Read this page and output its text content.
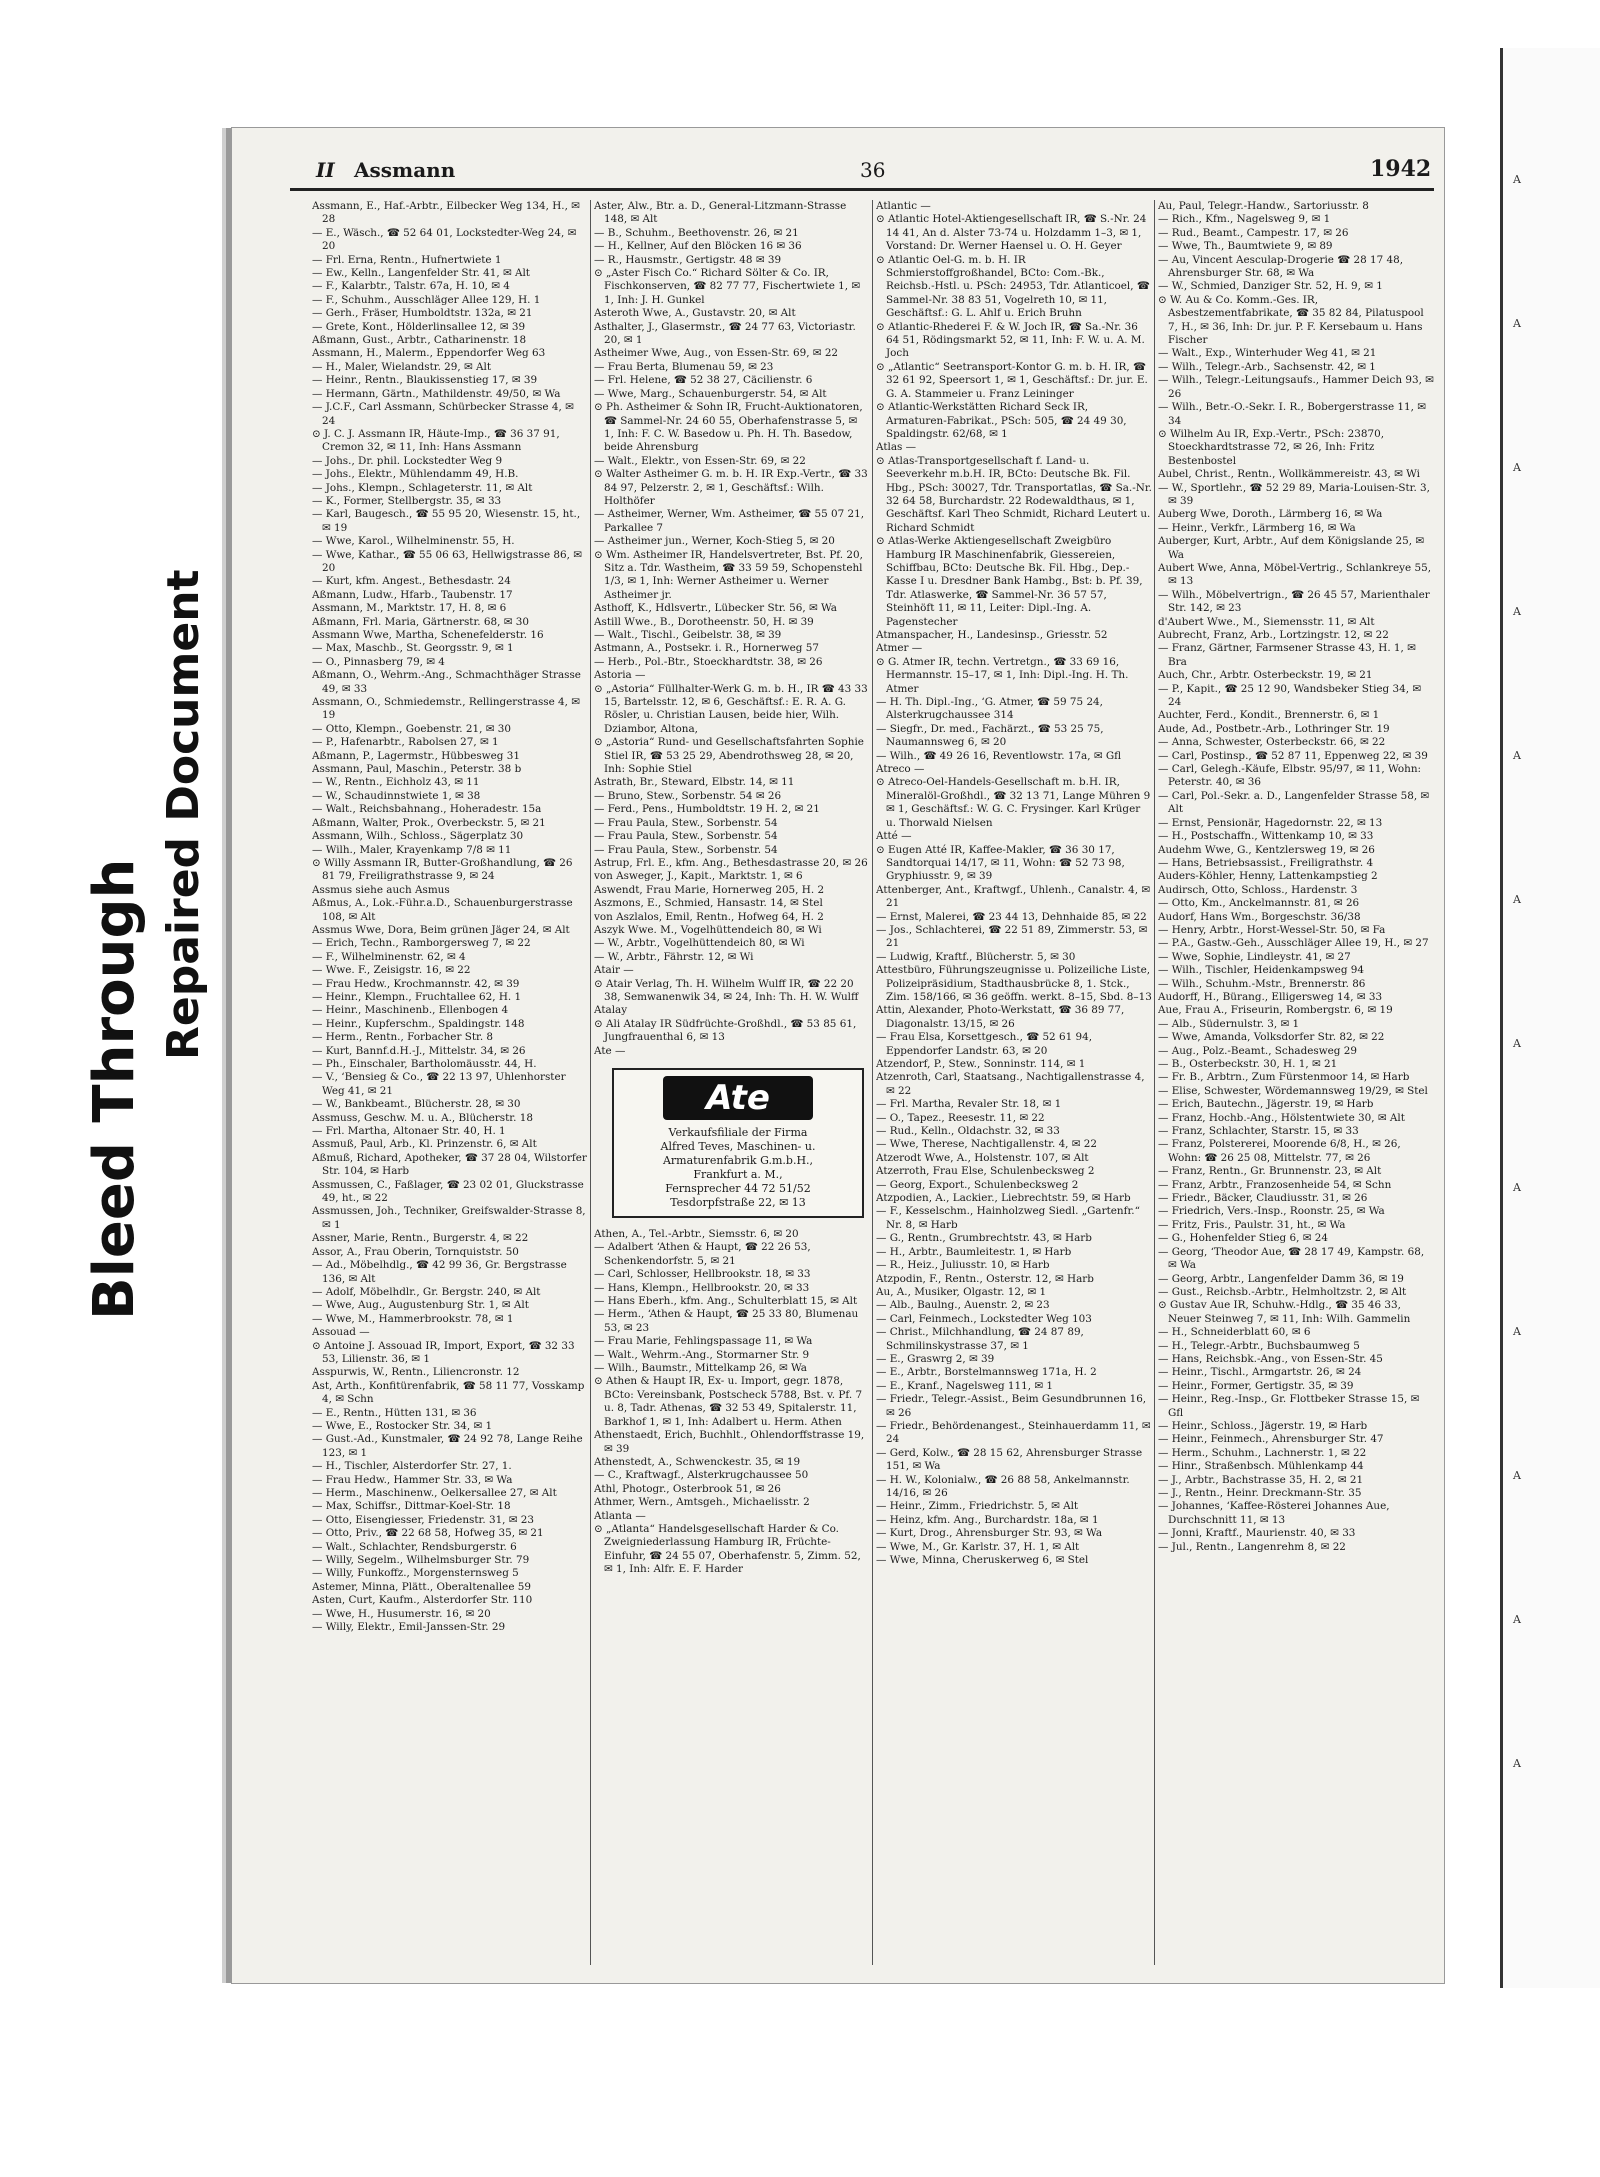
Bleed Through
Repaired Document
II Assmann	36	1942

Assmann, E., Haf.-Arbtr., Eilbecker Weg 134, H., ✉ 28

— E., Wäsch., ☎ 52 64 01, Lockstedter-Weg 24, ✉ 20

— Frl. Erna, Rentn., Hufnertwiete 1

— Ew., Kelln., Langenfelder Str. 41, ✉ Alt

— F., Kalarbtr., Talstr. 67a, H. 10, ✉ 4

— F., Schuhm., Ausschläger Allee 129, H. 1

— Gerh., Fräser, Humboldtstr. 132a, ✉ 21

— Grete, Kont., Hölderlinsallee 12, ✉ 39

Aßmann, Gust., Arbtr., Catharinenstr. 18

Assmann, H., Malerm., Eppendorfer Weg 63

— H., Maler, Wielandstr. 29, ✉ Alt

— Heinr., Rentn., Blaukissenstieg 17, ✉ 39

— Hermann, Gärtn., Mathildenstr. 49/50, ✉ Wa

— J.C.F., Carl Assmann, Schürbecker Strasse 4, ✉ 24

⊙ J. C. J. Assmann IR, Häute-Imp., ☎ 36 37 91, Cremon 32, ✉ 11, Inh: Hans Assmann

— Johs., Dr. phil. Lockstedter Weg 9

— Johs., Elektr., Mühlendamm 49, H.B.

— Johs., Klempn., Schlageterstr. 11, ✉ Alt

— K., Former, Stellbergstr. 35, ✉ 33

— Karl, Baugesch., ☎ 55 95 20, Wiesenstr. 15, ht., ✉ 19

— Wwe, Karol., Wilhelminenstr. 55, H.

— Wwe, Kathar., ☎ 55 06 63, Hellwigstrasse 86, ✉ 20

— Kurt, kfm. Angest., Bethesdastr. 24

Aßmann, Ludw., Hfarb., Taubenstr. 17

Assmann, M., Marktstr. 17, H. 8, ✉ 6

Aßmann, Frl. Maria, Gärtnerstr. 68, ✉ 30

Assmann Wwe, Martha, Schenefelderstr. 16

— Max, Maschb., St. Georgsstr. 9, ✉ 1

— O., Pinnasberg 79, ✉ 4

Aßmann, O., Wehrm.-Ang., Schmachthäger Strasse 49, ✉ 33

Assmann, O., Schmiedemstr., Rellingerstrasse 4, ✉ 19

— Otto, Klempn., Goebenstr. 21, ✉ 30

— P., Hafenarbtr., Rabolsen 27, ✉ 1

Aßmann, P., Lagermstr., Hübbesweg 31

Assmann, Paul, Maschin., Peterstr. 38 b

— W., Rentn., Eichholz 43, ✉ 11

— W., Schaudinnstwiete 1, ✉ 38

— Walt., Reichsbahnang., Hoheradestr. 15a

Aßmann, Walter, Prok., Overbeckstr. 5, ✉ 21

Assmann, Wilh., Schloss., Sägerplatz 30

— Wilh., Maler, Krayenkamp 7/8 ✉ 11

⊙ Willy Assmann IR, Butter-Großhandlung, ☎ 26 81 79, Freiligrathstrasse 9, ✉ 24

Assmus siehe auch Asmus

Aßmus, A., Lok.-Führ.a.D., Schauenburgerstrasse 108, ✉ Alt

Assmus Wwe, Dora, Beim grünen Jäger 24, ✉ Alt

— Erich, Techn., Ramborgersweg 7, ✉ 22

— F., Wilhelminenstr. 62, ✉ 4

— Wwe. F., Zeisigstr. 16, ✉ 22

— Frau Hedw., Krochmannstr. 42, ✉ 39

— Heinr., Klempn., Fruchtallee 62, H. 1

— Heinr., Maschinenb., Ellenbogen 4

— Heinr., Kupferschm., Spaldingstr. 148

— Herm., Rentn., Forbacher Str. 8

— Kurt, Bannf.d.H.-J., Mittelstr. 34, ✉ 26

— Ph., Einschaler, Bartholomäusstr. 44, H.

— V., ‘Bensieg & Co., ☎ 22 13 97, Uhlenhorster Weg 41, ✉ 21

— W., Bankbeamt., Blücherstr. 28, ✉ 30

Assmuss, Geschw. M. u. A., Blücherstr. 18

— Frl. Martha, Altonaer Str. 40, H. 1

Assmuß, Paul, Arb., Kl. Prinzenstr. 6, ✉ Alt

Aßmuß, Richard, Apotheker, ☎ 37 28 04, Wilstorfer Str. 104, ✉ Harb

Assmussen, C., Faßlager, ☎ 23 02 01, Gluckstrasse 49, ht., ✉ 22

Assmussen, Joh., Techniker, Greifswalder-Strasse 8, ✉ 1

Assner, Marie, Rentn., Burgerstr. 4, ✉ 22

Assor, A., Frau Oberin, Tornquiststr. 50

— Ad., Möbelhdlg., ☎ 42 99 36, Gr. Bergstrasse 136, ✉ Alt

— Adolf, Möbelhdlr., Gr. Bergstr. 240, ✉ Alt

— Wwe, Aug., Augustenburg Str. 1, ✉ Alt

— Wwe, M., Hammerbrookstr. 78, ✉ 1

Assouad —

⊙ Antoine J. Assouad IR, Import, Export, ☎ 32 33 53, Lilienstr. 36, ✉ 1

Asspurwis, W., Rentn., Liliencronstr. 12

Ast, Arth., Konfitürenfabrik, ☎ 58 11 77, Vosskamp 4, ✉ Schn

— E., Rentn., Hütten 131, ✉ 36

— Wwe, E., Rostocker Str. 34, ✉ 1

— Gust.-Ad., Kunstmaler, ☎ 24 92 78, Lange Reihe 123, ✉ 1

— H., Tischler, Alsterdorfer Str. 27, 1.

— Frau Hedw., Hammer Str. 33, ✉ Wa

— Herm., Maschinenw., Oelkersallee 27, ✉ Alt

— Max, Schiffsr., Dittmar-Koel-Str. 18

— Otto, Eisengiesser, Friedenstr. 31, ✉ 23

— Otto, Priv., ☎ 22 68 58, Hofweg 35, ✉ 21

— Walt., Schlachter, Rendsburgerstr. 6

— Willy, Segelm., Wilhelmsburger Str. 79

— Willy, Funkoffz., Morgensternsweg 5

Astemer, Minna, Plätt., Oberaltenallee 59

Asten, Curt, Kaufm., Alsterdorfer Str. 110

— Wwe, H., Husumerstr. 16, ✉ 20

— Willy, Elektr., Emil-Janssen-Str. 29

Aster, Alw., Btr. a. D., General-Litzmann-Strasse 148, ✉ Alt

— B., Schuhm., Beethovenstr. 26, ✉ 21

— H., Kellner, Auf den Blöcken 16 ✉ 36

— R., Hausmstr., Gertigstr. 48 ✉ 39

⊙ „Aster Fisch Co.“ Richard Sölter & Co. IR, Fischkonserven, ☎ 82 77 77, Fischertwiete 1, ✉ 1, Inh: J. H. Gunkel

Asteroth Wwe, A., Gustavstr. 20, ✉ Alt

Asthalter, J., Glasermstr., ☎ 24 77 63, Victoriastr. 20, ✉ 1

Astheimer Wwe, Aug., von Essen-Str. 69, ✉ 22

— Frau Berta, Blumenau 59, ✉ 23

— Frl. Helene, ☎ 52 38 27, Cäcilienstr. 6

— Wwe, Marg., Schauenburgerstr. 54, ✉ Alt

⊙ Ph. Astheimer & Sohn IR, Frucht-Auktionatoren, ☎ Sammel-Nr. 24 60 55, Oberhafenstrasse 5, ✉ 1, Inh: F. C. W. Basedow u. Ph. H. Th. Basedow, beide Ahrensburg

— Walt., Elektr., von Essen-Str. 69, ✉ 22

⊙ Walter Astheimer G. m. b. H. IR Exp.-Vertr., ☎ 33 84 97, Pelzerstr. 2, ✉ 1, Geschäftsf.: Wilh. Holthöfer

— Astheimer, Werner, Wm. Astheimer, ☎ 55 07 21, Parkallee 7

— Astheimer jun., Werner, Koch-Stieg 5, ✉ 20

⊙ Wm. Astheimer IR, Handelsvertreter, Bst. Pf. 20, Sitz a. Tdr. Wastheim, ☎ 33 59 59, Schopenstehl 1/3, ✉ 1, Inh: Werner Astheimer u. Werner Astheimer jr.

Asthoff, K., Hdlsvertr., Lübecker Str. 56, ✉ Wa

Astill Wwe., B., Dorotheenstr. 50, H. ✉ 39

— Walt., Tischl., Geibelstr. 38, ✉ 39

Astmann, A., Postsekr. i. R., Hornerweg 57

— Herb., Pol.-Btr., Stoeckhardtstr. 38, ✉ 26

Astoria —

⊙ „Astoria“ Füllhalter-Werk G. m. b. H., IR ☎ 43 33 15, Bartelsstr. 12, ✉ 6, Geschäftsf.: E. R. A. G. Rösler, u. Christian Lausen, beide hier, Wilh. Dziambor, Altona,

⊙ „Astoria“ Rund- und Gesellschaftsfahrten Sophie Stiel IR, ☎ 53 25 29, Abendrothsweg 28, ✉ 20, Inh: Sophie Stiel

Astrath, Br., Steward, Elbstr. 14, ✉ 11

— Bruno, Stew., Sorbenstr. 54 ✉ 26

— Ferd., Pens., Humboldtstr. 19 H. 2, ✉ 21

— Frau Paula, Stew., Sorbenstr. 54

— Frau Paula, Stew., Sorbenstr. 54

— Frau Paula, Stew., Sorbenstr. 54

Astrup, Frl. E., kfm. Ang., Bethesdastrasse 20, ✉ 26

von Asweger, J., Kapit., Marktstr. 1, ✉ 6

Aswendt, Frau Marie, Hornerweg 205, H. 2

Aszmons, E., Schmied, Hansastr. 14, ✉ Stel

von Aszlalos, Emil, Rentn., Hofweg 64, H. 2

Aszyk Wwe. M., Vogelhüttendeich 80, ✉ Wi

— W., Arbtr., Vogelhüttendeich 80, ✉ Wi

— W., Arbtr., Fährstr. 12, ✉ Wi

Atair —

⊙ Atair Verlag, Th. H. Wilhelm Wulff IR, ☎ 22 20 38, Semwanenwik 34, ✉ 24, Inh: Th. H. W. Wulff

Atalay

⊙ Ali Atalay IR Südfrüchte-Großhdl., ☎ 53 85 61, Jungfrauenthal 6, ✉ 13

Ate —

Ate
Verkaufsfiliale der Firma
Alfred Teves, Maschinen- u.
Armaturenfabrik G.m.b.H.,
Frankfurt a. M.,
Fernsprecher 44 72 51/52
Tesdorpfstraße 22, ✉ 13

Athen, A., Tel.-Arbtr., Siemsstr. 6, ✉ 20

— Adalbert ‘Athen & Haupt, ☎ 22 26 53, Schenkendorfstr. 5, ✉ 21

— Carl, Schlosser, Hellbrookstr. 18, ✉ 33

— Hans, Klempn., Hellbrookstr. 20, ✉ 33

— Hans Eberh., kfm. Ang., Schulterblatt 15, ✉ Alt

— Herm., ‘Athen & Haupt, ☎ 25 33 80, Blumenau 53, ✉ 23

— Frau Marie, Fehlingspassage 11, ✉ Wa

— Walt., Wehrm.-Ang., Stormarner Str. 9

— Wilh., Baumstr., Mittelkamp 26, ✉ Wa

⊙ Athen & Haupt IR, Ex- u. Import, gegr. 1878, BCto: Vereinsbank, Postscheck 5788, Bst. v. Pf. 7 u. 8, Tadr. Athenas, ☎ 32 53 49, Spitalerstr. 11, Barkhof 1, ✉ 1, Inh: Adalbert u. Herm. Athen

Athenstaedt, Erich, Buchhlt., Ohlendorffstrasse 19, ✉ 39

Athenstedt, A., Schwenckestr. 35, ✉ 19

— C., Kraftwagf., Alsterkrugchaussee 50

Athl, Photogr., Osterbrook 51, ✉ 26

Athmer, Wern., Amtsgeh., Michaelisstr. 2

Atlanta —

⊙ „Atlanta“ Handelsgesellschaft Harder & Co. Zweigniederlassung Hamburg IR, Früchte-Einfuhr, ☎ 24 55 07, Oberhafenstr. 5, Zimm. 52, ✉ 1, Inh: Alfr. E. F. Harder

Atlantic —

⊙ Atlantic Hotel-Aktiengesellschaft IR, ☎ S.-Nr. 24 14 41, An d. Alster 73-74 u. Holzdamm 1–3, ✉ 1, Vorstand: Dr. Werner Haensel u. O. H. Geyer

⊙ Atlantic Oel-G. m. b. H. IR Schmierstoffgroßhandel, BCto: Com.-Bk., Reichsb.-Hstl. u. PSch: 24953, Tdr. Atlanticoel, ☎ Sammel-Nr. 38 83 51, Vogelreth 10, ✉ 11, Geschäftsf.: G. L. Ahlf u. Erich Bruhn

⊙ Atlantic-Rhederei F. & W. Joch IR, ☎ Sa.-Nr. 36 64 51, Rödingsmarkt 52, ✉ 11, Inh: F. W. u. A. M. Joch

⊙ „Atlantic“ Seetransport-Kontor G. m. b. H. IR, ☎ 32 61 92, Speersort 1, ✉ 1, Geschäftsf.: Dr. jur. E. G. A. Stammeier u. Franz Leininger

⊙ Atlantic-Werkstätten Richard Seck IR, Armaturen-Fabrikat., PSch: 505, ☎ 24 49 30, Spaldingstr. 62/68, ✉ 1

Atlas —

⊙ Atlas-Transportgesellschaft f. Land- u. Seeverkehr m.b.H. IR, BCto: Deutsche Bk. Fil. Hbg., PSch: 30027, Tdr. Transportatlas, ☎ Sa.-Nr. 32 64 58, Burchardstr. 22 Rodewaldthaus, ✉ 1, Geschäftsf. Karl Theo Schmidt, Richard Leutert u. Richard Schmidt

⊙ Atlas-Werke Aktiengesellschaft Zweigbüro Hamburg IR Maschinenfabrik, Giessereien, Schiffbau, BCto: Deutsche Bk. Fil. Hbg., Dep.-Kasse I u. Dresdner Bank Hambg., Bst: b. Pf. 39, Tdr. Atlaswerke, ☎ Sammel-Nr. 36 57 57, Steinhöft 11, ✉ 11, Leiter: Dipl.-Ing. A. Pagenstecher

Atmanspacher, H., Landesinsp., Griesstr. 52

Atmer —

⊙ G. Atmer IR, techn. Vertretgn., ☎ 33 69 16, Hermannstr. 15–17, ✉ 1, Inh: Dipl.-Ing. H. Th. Atmer

— H. Th. Dipl.-Ing., ‘G. Atmer, ☎ 59 75 24, Alsterkrugchaussee 314

— Siegfr., Dr. med., Fachärzt., ☎ 53 25 75, Naumannsweg 6, ✉ 20

— Wilh., ☎ 49 26 16, Reventlowstr. 17a, ✉ Gfl

Atreco —

⊙ Atreco-Oel-Handels-Gesellschaft m. b.H. IR, Mineralöl-Großhdl., ☎ 32 13 71, Lange Mühren 9 ✉ 1, Geschäftsf.: W. G. C. Frysinger. Karl Krüger u. Thorwald Nielsen

Atté —

⊙ Eugen Atté IR, Kaffee-Makler, ☎ 36 30 17, Sandtorquai 14/17, ✉ 11, Wohn: ☎ 52 73 98, Gryphiusstr. 9, ✉ 39

Attenberger, Ant., Kraftwgf., Uhlenh., Canalstr. 4, ✉ 21

— Ernst, Malerei, ☎ 23 44 13, Dehnhaide 85, ✉ 22

— Jos., Schlachterei, ☎ 22 51 89, Zimmerstr. 53, ✉ 21

— Ludwig, Kraftf., Blücherstr. 5, ✉ 30

Attestbüro, Führungszeugnisse u. Polizeiliche Liste, Polizeipräsidium, Stadthausbrücke 8, 1. Stck., Zim. 158/166, ✉ 36 geöffn. werkt. 8–15, Sbd. 8–13

Attin, Alexander, Photo-Werkstatt, ☎ 36 89 77, Diagonalstr. 13/15, ✉ 26

— Frau Elsa, Korsettgesch., ☎ 52 61 94, Eppendorfer Landstr. 63, ✉ 20

Atzendorf, P., Stew., Sonninstr. 114, ✉ 1

Atzenroth, Carl, Staatsang., Nachtigallenstrasse 4, ✉ 22

— Frl. Martha, Revaler Str. 18, ✉ 1

— O., Tapez., Reesestr. 11, ✉ 22

— Rud., Kelln., Oldachstr. 32, ✉ 33

— Wwe, Therese, Nachtigallenstr. 4, ✉ 22

Atzerodt Wwe, A., Holstenstr. 107, ✉ Alt

Atzerroth, Frau Else, Schulenbecksweg 2

— Georg, Export., Schulenbecksweg 2

Atzpodien, A., Lackier., Liebrechtstr. 59, ✉ Harb

— F., Kesselschm., Hainholzweg Siedl. „Gartenfr.“ Nr. 8, ✉ Harb

— G., Rentn., Grumbrechtstr. 43, ✉ Harb

— H., Arbtr., Baumleitestr. 1, ✉ Harb

— R., Heiz., Juliusstr. 10, ✉ Harb

Atzpodin, F., Rentn., Osterstr. 12, ✉ Harb

Au, A., Musiker, Olgastr. 12, ✉ 1

— Alb., Baulng., Auenstr. 2, ✉ 23

— Carl, Feinmech., Lockstedter Weg 103

— Christ., Milchhandlung, ☎ 24 87 89, Schmilinskystrasse 37, ✉ 1

— E., Graswrg 2, ✉ 39

— E., Arbtr., Borstelmannsweg 171a, H. 2

— E., Kranf., Nagelsweg 111, ✉ 1

— Friedr., Telegr.-Assist., Beim Gesundbrunnen 16, ✉ 26

— Friedr., Behördenangest., Steinhauerdamm 11, ✉ 24

— Gerd, Kolw., ☎ 28 15 62, Ahrensburger Strasse 151, ✉ Wa

— H. W., Kolonialw., ☎ 26 88 58, Ankelmannstr. 14/16, ✉ 26

— Heinr., Zimm., Friedrichstr. 5, ✉ Alt

— Heinz, kfm. Ang., Burchardstr. 18a, ✉ 1

— Kurt, Drog., Ahrensburger Str. 93, ✉ Wa

— Wwe, M., Gr. Karlstr. 37, H. 1, ✉ Alt

— Wwe, Minna, Cheruskerweg 6, ✉ Stel

Au, Paul, Telegr.-Handw., Sartoriusstr. 8

— Rich., Kfm., Nagelsweg 9, ✉ 1

— Rud., Beamt., Campestr. 17, ✉ 26

— Wwe, Th., Baumtwiete 9, ✉ 89

— Au, Vincent Aesculap-Drogerie ☎ 28 17 48, Ahrensburger Str. 68, ✉ Wa

— W., Schmied, Danziger Str. 52, H. 9, ✉ 1

⊙ W. Au & Co. Komm.-Ges. IR, Asbestzementfabrikate, ☎ 35 82 84, Pilatuspool 7, H., ✉ 36, Inh: Dr. jur. P. F. Kersebaum u. Hans Fischer

— Walt., Exp., Winterhuder Weg 41, ✉ 21

— Wilh., Telegr.-Arb., Sachsenstr. 42, ✉ 1

— Wilh., Telegr.-Leitungsaufs., Hammer Deich 93, ✉ 26

— Wilh., Betr.-O.-Sekr. I. R., Bobergerstrasse 11, ✉ 34

⊙ Wilhelm Au IR, Exp.-Vertr., PSch: 23870, Stoeckhardtstrasse 72, ✉ 26, Inh: Fritz Bestenbostel

Aubel, Christ., Rentn., Wollkämmereistr. 43, ✉ Wi

— W., Sportlehr., ☎ 52 29 89, Maria-Louisen-Str. 3, ✉ 39

Auberg Wwe, Doroth., Lärmberg 16, ✉ Wa

— Heinr., Verkfr., Lärmberg 16, ✉ Wa

Auberger, Kurt, Arbtr., Auf dem Königslande 25, ✉ Wa

Aubert Wwe, Anna, Möbel-Vertrig., Schlankreye 55, ✉ 13

— Wilh., Möbelvertrign., ☎ 26 45 57, Marienthaler Str. 142, ✉ 23

d'Aubert Wwe., M., Siemensstr. 11, ✉ Alt

Aubrecht, Franz, Arb., Lortzingstr. 12, ✉ 22

— Franz, Gärtner, Farmsener Strasse 43, H. 1, ✉ Bra

Auch, Chr., Arbtr. Osterbeckstr. 19, ✉ 21

— P., Kapit., ☎ 25 12 90, Wandsbeker Stieg 34, ✉ 24

Auchter, Ferd., Kondit., Brennerstr. 6, ✉ 1

Aude, Ad., Postbetr.-Arb., Lothringer Str. 19

— Anna, Schwester, Osterbeckstr. 66, ✉ 22

— Carl, Postinsp., ☎ 52 87 11, Eppenweg 22, ✉ 39

— Carl, Gelegh.-Käufe, Elbstr. 95/97, ✉ 11, Wohn: Peterstr. 40, ✉ 36

— Carl, Pol.-Sekr. a. D., Langenfelder Strasse 58, ✉ Alt

— Ernst, Pensionär, Hagedornstr. 22, ✉ 13

— H., Postschaffn., Wittenkamp 10, ✉ 33

Audehm Wwe, G., Kentzlersweg 19, ✉ 26

— Hans, Betriebsassist., Freiligrathstr. 4

Auders-Köhler, Henny, Lattenkampstieg 2

Audirsch, Otto, Schloss., Hardenstr. 3

— Otto, Km., Anckelmannstr. 81, ✉ 26

Audorf, Hans Wm., Borgeschstr. 36/38

— Henry, Arbtr., Horst-Wessel-Str. 50, ✉ Fa

— P.A., Gastw.-Geh., Ausschläger Allee 19, H., ✉ 27

— Wwe, Sophie, Lindleystr. 41, ✉ 27

— Wilh., Tischler, Heidenkampsweg 94

— Wilh., Schuhm.-Mstr., Brennerstr. 86

Audorff, H., Bürang., Elligersweg 14, ✉ 33

Aue, Frau A., Friseurin, Rombergstr. 6, ✉ 19

— Alb., Südernulstr. 3, ✉ 1

— Wwe, Amanda, Volksdorfer Str. 82, ✉ 22

— Aug., Polz.-Beamt., Schadesweg 29

— B., Osterbeckstr. 30, H. 1, ✉ 21

— Fr. B., Arbtrn., Zum Fürstenmoor 14, ✉ Harb

— Elise, Schwester, Wördemannsweg 19/29, ✉ Stel

— Erich, Bautechn., Jägerstr. 19, ✉ Harb

— Franz, Hochb.-Ang., Hölstentwiete 30, ✉ Alt

— Franz, Schlachter, Starstr. 15, ✉ 33

— Franz, Polstererei, Moorende 6/8, H., ✉ 26, Wohn: ☎ 26 25 08, Mittelstr. 77, ✉ 26

— Franz, Rentn., Gr. Brunnenstr. 23, ✉ Alt

— Franz, Arbtr., Franzosenheide 54, ✉ Schn

— Friedr., Bäcker, Claudiusstr. 31, ✉ 26

— Friedrich, Vers.-Insp., Roonstr. 25, ✉ Wa

— Fritz, Fris., Paulstr. 31, ht., ✉ Wa

— G., Hohenfelder Stieg 6, ✉ 24

— Georg, ‘Theodor Aue, ☎ 28 17 49, Kampstr. 68, ✉ Wa

— Georg, Arbtr., Langenfelder Damm 36, ✉ 19

— Gust., Reichsb.-Arbtr., Helmholtzstr. 2, ✉ Alt

⊙ Gustav Aue IR, Schuhw.-Hdlg., ☎ 35 46 33, Neuer Steinweg 7, ✉ 11, Inh: Wilh. Gammelin

— H., Schneiderblatt 60, ✉ 6

— H., Telegr.-Arbtr., Buchsbaumweg 5

— Hans, Reichsbk.-Ang., von Essen-Str. 45

— Heinr., Tischl., Armgartstr. 26, ✉ 24

— Heinr., Former, Gertigstr. 35, ✉ 39

— Heinr., Reg.-Insp., Gr. Flottbeker Strasse 15, ✉ Gfl

— Heinr., Schloss., Jägerstr. 19, ✉ Harb

— Heinr., Feinmech., Ahrensburger Str. 47

— Herm., Schuhm., Lachnerstr. 1, ✉ 22

— Hinr., Straßenbsch. Mühlenkamp 44

— J., Arbtr., Bachstrasse 35, H. 2, ✉ 21

— J., Rentn., Heinr. Dreckmann-Str. 35

— Johannes, ‘Kaffee-Rösterei Johannes Aue, Durchschnitt 11, ✉ 13

— Jonni, Kraftf., Maurienstr. 40, ✉ 33

— Jul., Rentn., Langenrehm 8, ✉ 22

A
A
A
A
A
A
A
A
A
A
A
A
